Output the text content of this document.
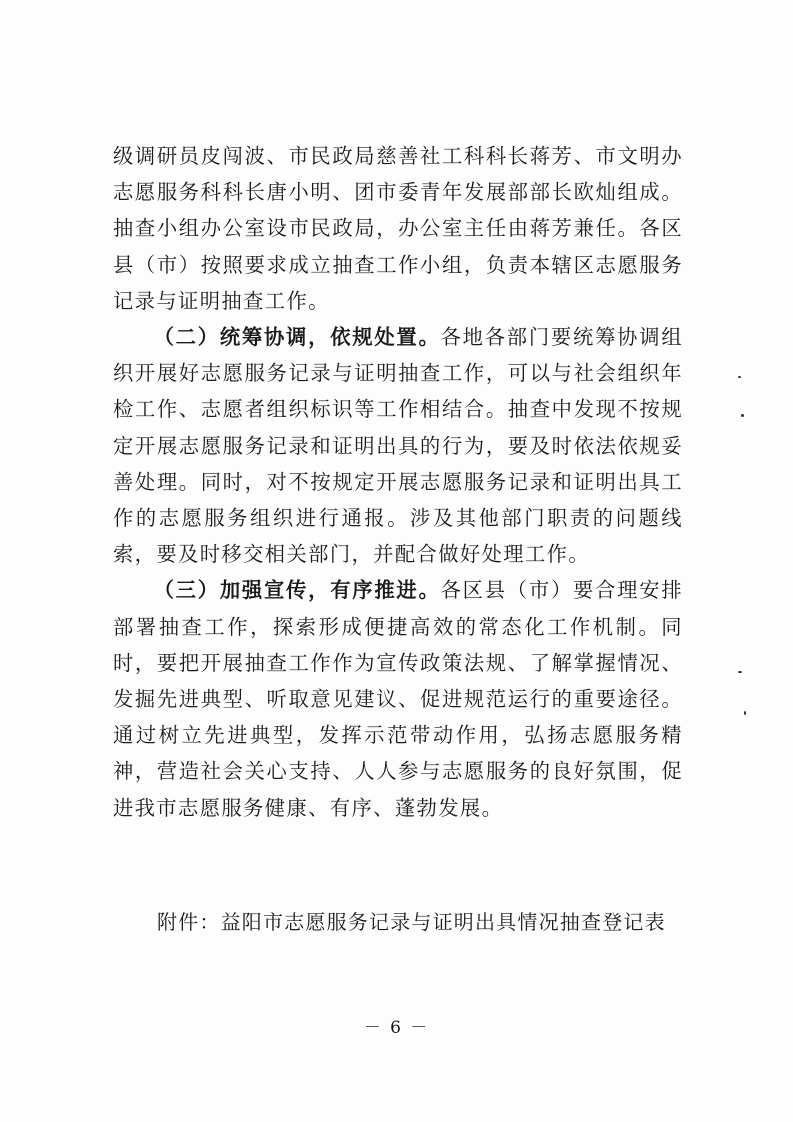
级调研员皮闯波、市民政局慈善社工科科长蒋芳、市文明办志愿服务科科长唐小明、团市委青年发展部部长欧灿组成。抽查小组办公室设市民政局，办公室主任由蒋芳兼任。各区县（市）按照要求成立抽查工作小组，负责本辖区志愿服务记录与证明抽查工作。

（二）统筹协调，依规处置。各地各部门要统筹协调组织开展好志愿服务记录与证明抽查工作，可以与社会组织年检工作、志愿者组织标识等工作相结合。抽查中发现不按规定开展志愿服务记录和证明出具的行为，要及时依法依规妥善处理。同时，对不按规定开展志愿服务记录和证明出具工作的志愿服务组织进行通报。涉及其他部门职责的问题线索，要及时移交相关部门，并配合做好处理工作。

（三）加强宣传，有序推进。各区县（市）要合理安排部署抽查工作，探索形成便捷高效的常态化工作机制。同时，要把开展抽查工作作为宣传政策法规、了解掌握情况、发掘先进典型、听取意见建议、促进规范运行的重要途径。通过树立先进典型，发挥示范带动作用，弘扬志愿服务精神，营造社会关心支持、人人参与志愿服务的良好氛围，促进我市志愿服务健康、有序、蓬勃发展。

附件：益阳市志愿服务记录与证明出具情况抽查登记表
－ 6 －
